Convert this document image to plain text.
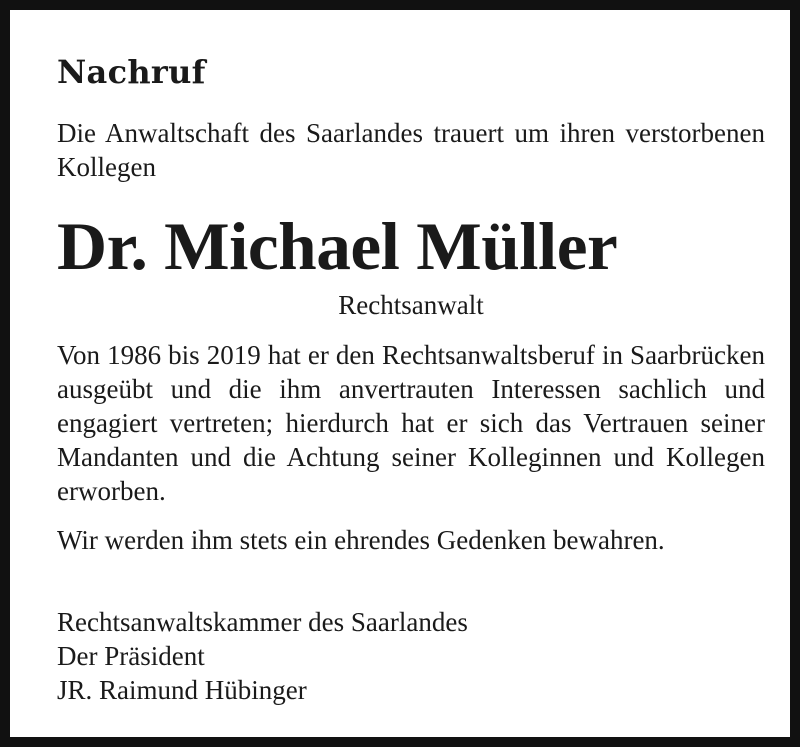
Nachruf

Die Anwaltschaft des Saarlandes trauert um ihren verstorbenen Kollegen

Dr. Michael Müller
Rechtsanwalt

Von 1986 bis 2019 hat er den Rechtsanwaltsberuf in Saarbrücken ausgeübt und die ihm anvertrauten Interessen sachlich und engagiert vertreten; hierdurch hat er sich das Vertrauen seiner Mandanten und die Achtung seiner Kolleginnen und Kollegen erworben.

Wir werden ihm stets ein ehrendes Gedenken bewahren.

Rechtsanwaltskammer des Saarlandes
Der Präsident
JR. Raimund Hübinger
